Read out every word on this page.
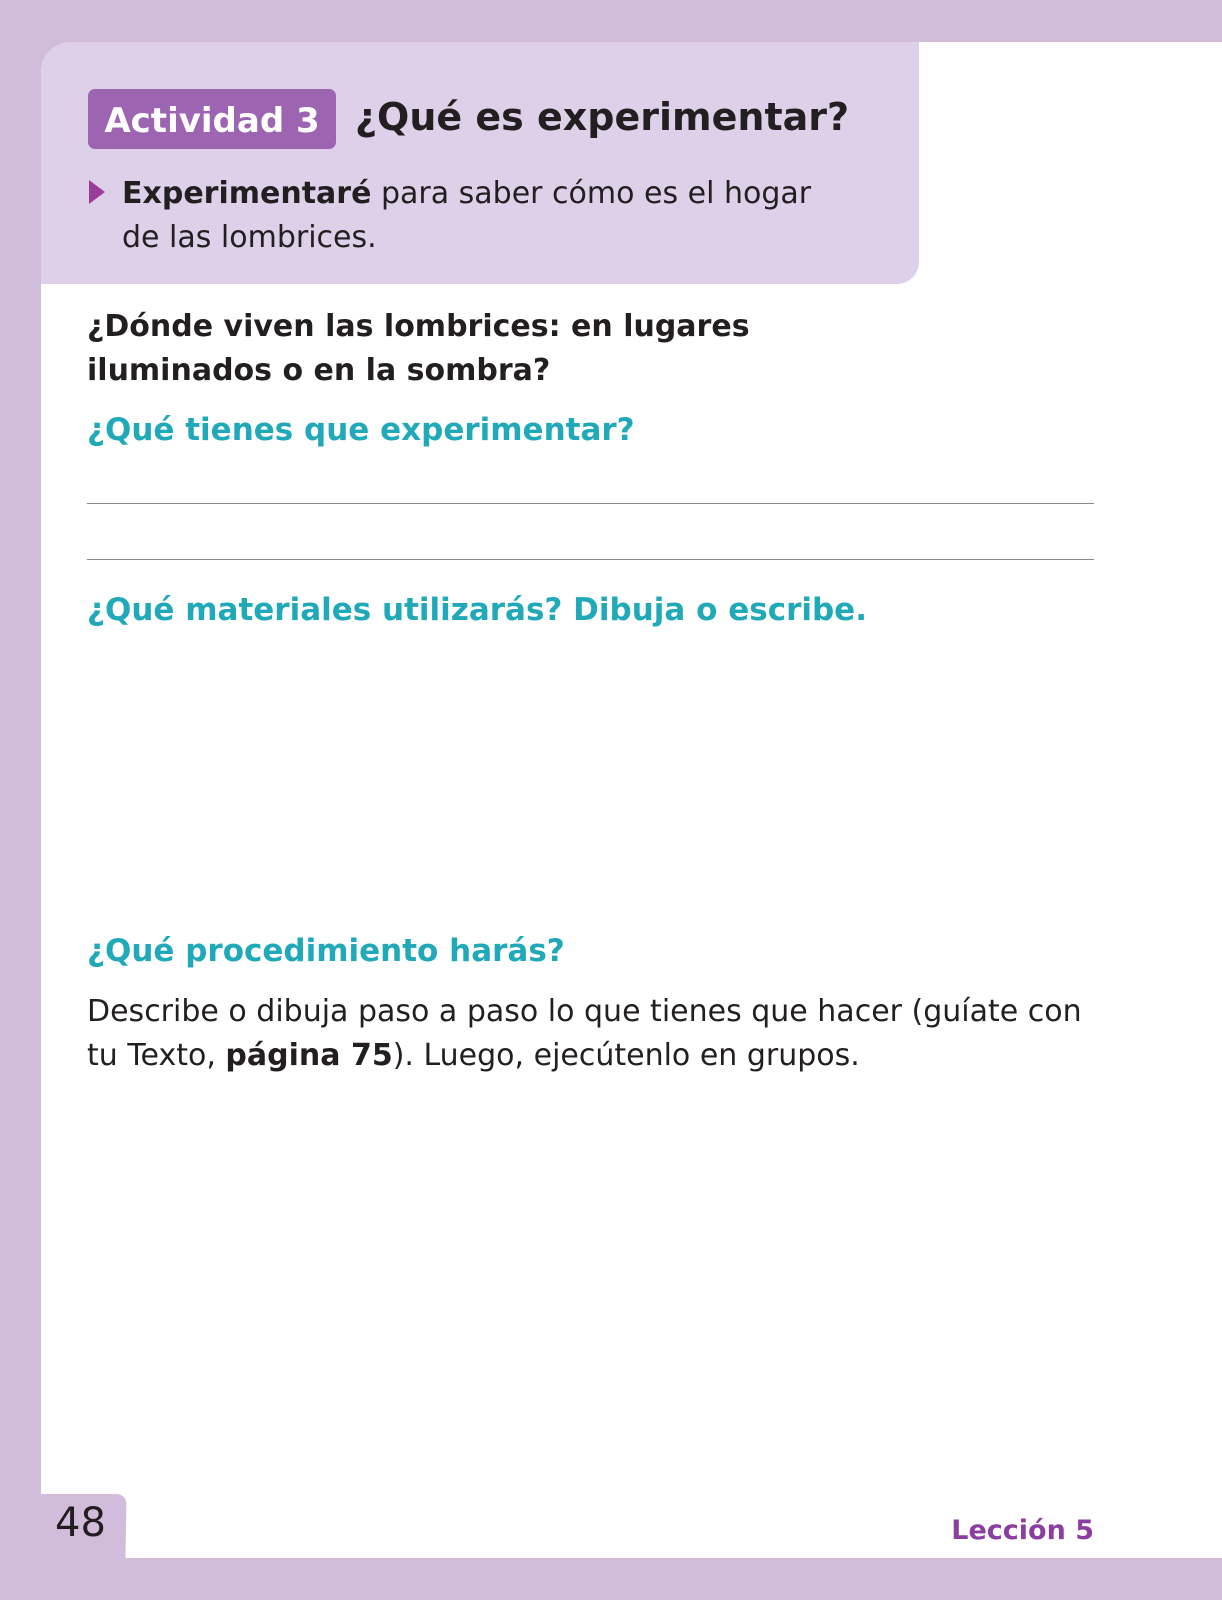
Actividad 3 ¿Qué es experimentar?
Experimentaré para saber cómo es el hogar de las lombrices.
¿Dónde viven las lombrices: en lugares iluminados o en la sombra?
¿Qué tienes que experimentar?
¿Qué materiales utilizarás? Dibuja o escribe.
¿Qué procedimiento harás?
Describe o dibuja paso a paso lo que tienes que hacer (guíate con tu Texto, página 75). Luego, ejecútenlo en grupos.
48	Lección 5
